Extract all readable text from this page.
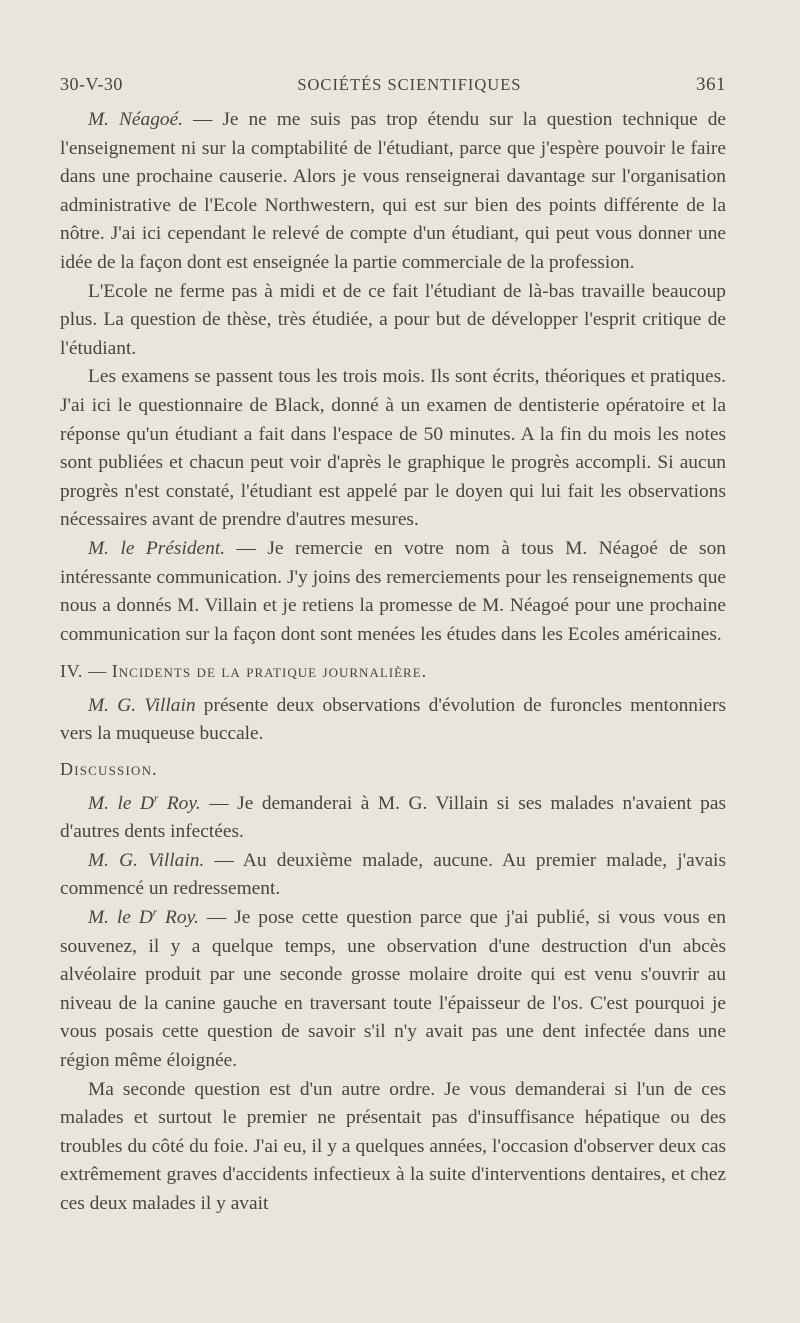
30-V-30	SOCIÉTÉS SCIENTIFIQUES	361

M. Néagoé. — Je ne me suis pas trop étendu sur la question technique de l'enseignement ni sur la comptabilité de l'étudiant, parce que j'espère pouvoir le faire dans une prochaine causerie. Alors je vous renseignerai davantage sur l'organisation administrative de l'Ecole Northwestern, qui est sur bien des points différente de la nôtre. J'ai ici cependant le relevé de compte d'un étudiant, qui peut vous donner une idée de la façon dont est enseignée la partie commerciale de la profession.

L'Ecole ne ferme pas à midi et de ce fait l'étudiant de là-bas travaille beaucoup plus. La question de thèse, très étudiée, a pour but de développer l'esprit critique de l'étudiant.

Les examens se passent tous les trois mois. Ils sont écrits, théoriques et pratiques. J'ai ici le questionnaire de Black, donné à un examen de dentisterie opératoire et la réponse qu'un étudiant a fait dans l'espace de 50 minutes. A la fin du mois les notes sont publiées et chacun peut voir d'après le graphique le progrès accompli. Si aucun progrès n'est constaté, l'étudiant est appelé par le doyen qui lui fait les observations nécessaires avant de prendre d'autres mesures.

M. le Président. — Je remercie en votre nom à tous M. Néagoé de son intéressante communication. J'y joins des remerciements pour les renseignements que nous a donnés M. Villain et je retiens la promesse de M. Néagoé pour une prochaine communication sur la façon dont sont menées les études dans les Ecoles américaines.

IV. — Incidents de la pratique journalière.

M. G. Villain présente deux observations d'évolution de furoncles mentonniers vers la muqueuse buccale.

Discussion.

M. le $D^r$ Roy. — Je demanderai à M. G. Villain si ses malades n'avaient pas d'autres dents infectées.

M. G. Villain. — Au deuxième malade, aucune. Au premier malade, j'avais commencé un redressement.

M. le $D^r$ Roy. — Je pose cette question parce que j'ai publié, si vous vous en souvenez, il y a quelque temps, une observation d'une destruction d'un abcès alvéolaire produit par une seconde grosse molaire droite qui est venu s'ouvrir au niveau de la canine gauche en traversant toute l'épaisseur de l'os. C'est pourquoi je vous posais cette question de savoir s'il n'y avait pas une dent infectée dans une région même éloignée.

Ma seconde question est d'un autre ordre. Je vous demanderai si l'un de ces malades et surtout le premier ne présentait pas d'insuffisance hépatique ou des troubles du côté du foie. J'ai eu, il y a quelques années, l'occasion d'observer deux cas extrêmement graves d'accidents infectieux à la suite d'interventions dentaires, et chez ces deux malades il y avait
